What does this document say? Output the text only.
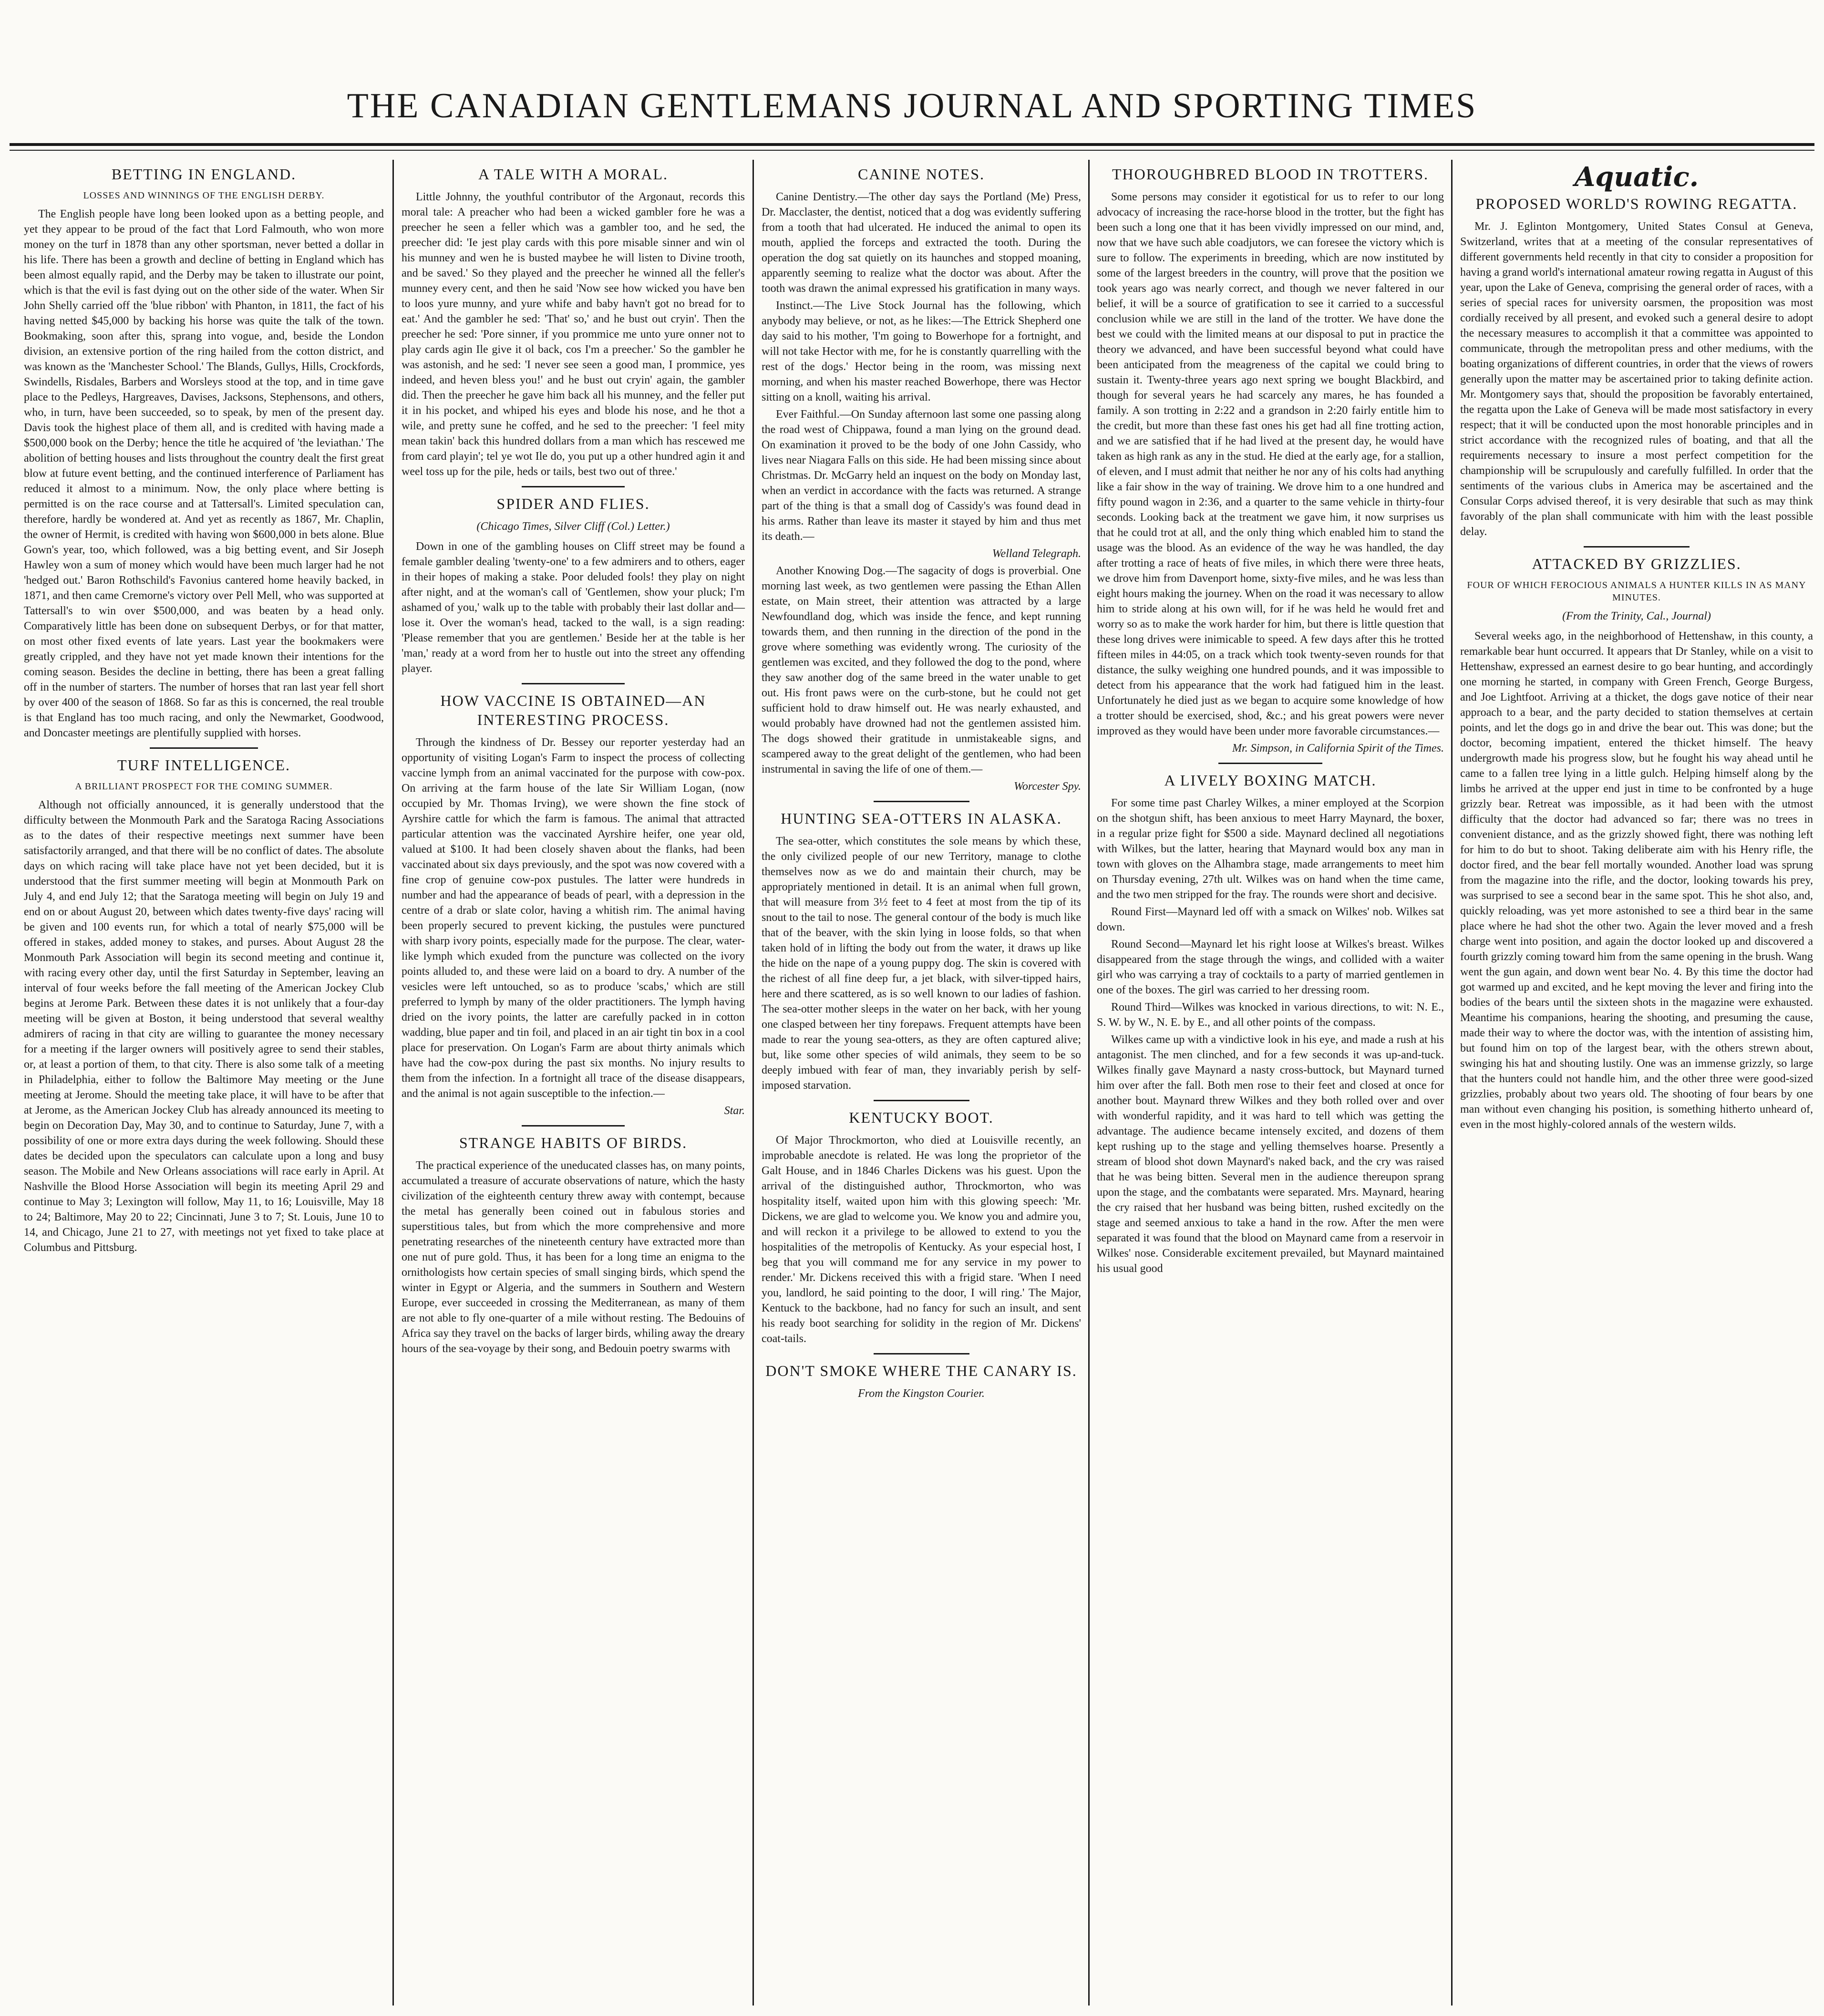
THE CANADIAN GENTLEMANS JOURNAL AND SPORTING TIMES
BETTING IN ENGLAND.
LOSSES AND WINNINGS OF THE ENGLISH DERBY.

The English people have long been looked upon as a betting people, and yet they appear to be proud of the fact that Lord Falmouth, who won more money on the turf in 1878 than any other sportsman, never betted a dollar in his life. There has been a growth and decline of betting in England which has been almost equally rapid, and the Derby may be taken to illustrate our point, which is that the evil is fast dying out on the other side of the water. When Sir John Shelly carried off the 'blue ribbon' with Phanton, in 1811, the fact of his having netted $45,000 by backing his horse was quite the talk of the town. Bookmaking, soon after this, sprang into vogue, and, beside the London division, an extensive portion of the ring hailed from the cotton district, and was known as the 'Manchester School.' The Blands, Gullys, Hills, Crockfords, Swindells, Risdales, Barbers and Worsleys stood at the top, and in time gave place to the Pedleys, Hargreaves, Davises, Jacksons, Stephensons, and others, who, in turn, have been succeeded, so to speak, by men of the present day. Davis took the highest place of them all, and is credited with having made a $500,000 book on the Derby; hence the title he acquired of 'the leviathan.' The abolition of betting houses and lists throughout the country dealt the first great blow at future event betting, and the continued interference of Parliament has reduced it almost to a minimum. Now, the only place where betting is permitted is on the race course and at Tattersall's. Limited speculation can, therefore, hardly be wondered at. And yet as recently as 1867, Mr. Chaplin, the owner of Hermit, is credited with having won $600,000 in bets alone. Blue Gown's year, too, which followed, was a big betting event, and Sir Joseph Hawley won a sum of money which would have been much larger had he not 'hedged out.' Baron Rothschild's Favonius cantered home heavily backed, in 1871, and then came Cremorne's victory over Pell Mell, who was supported at Tattersall's to win over $500,000, and was beaten by a head only. Comparatively little has been done on subsequent Derbys, or for that matter, on most other fixed events of late years. Last year the bookmakers were greatly crippled, and they have not yet made known their intentions for the coming season. Besides the decline in betting, there has been a great falling off in the number of starters. The number of horses that ran last year fell short by over 400 of the season of 1868. So far as this is concerned, the real trouble is that England has too much racing, and only the Newmarket, Goodwood, and Doncaster meetings are plentifully supplied with horses.

TURF INTELLIGENCE.
A BRILLIANT PROSPECT FOR THE COMING SUMMER.

Although not officially announced, it is generally understood that the difficulty between the Monmouth Park and the Saratoga Racing Associations as to the dates of their respective meetings next summer have been satisfactorily arranged, and that there will be no conflict of dates. The absolute days on which racing will take place have not yet been decided, but it is understood that the first summer meeting will begin at Monmouth Park on July 4, and end July 12; that the Saratoga meeting will begin on July 19 and end on or about August 20, between which dates twenty-five days' racing will be given and 100 events run, for which a total of nearly $75,000 will be offered in stakes, added money to stakes, and purses. About August 28 the Monmouth Park Association will begin its second meeting and continue it, with racing every other day, until the first Saturday in September, leaving an interval of four weeks before the fall meeting of the American Jockey Club begins at Jerome Park. Between these dates it is not unlikely that a four-day meeting will be given at Boston, it being understood that several wealthy admirers of racing in that city are willing to guarantee the money necessary for a meeting if the larger owners will positively agree to send their stables, or, at least a portion of them, to that city. There is also some talk of a meeting in Philadelphia, either to follow the Baltimore May meeting or the June meeting at Jerome. Should the meeting take place, it will have to be after that at Jerome, as the American Jockey Club has already announced its meeting to begin on Decoration Day, May 30, and to continue to Saturday, June 7, with a possibility of one or more extra days during the week following. Should these dates be decided upon the speculators can calculate upon a long and busy season. The Mobile and New Orleans associations will race early in April. At Nashville the Blood Horse Association will begin its meeting April 29 and continue to May 3; Lexington will follow, May 11, to 16; Louisville, May 18 to 24; Baltimore, May 20 to 22; Cincinnati, June 3 to 7; St. Louis, June 10 to 14, and Chicago, June 21 to 27, with meetings not yet fixed to take place at Columbus and Pittsburg.

A TALE WITH A MORAL.

Little Johnny, the youthful contributor of the Argonaut, records this moral tale: A preacher who had been a wicked gambler fore he was a preecher he seen a feller which was a gambler too, and he sed, the preecher did: 'Ie jest play cards with this pore misable sinner and win ol his munney and wen he is busted maybee he will listen to Divine trooth, and be saved.' So they played and the preecher he winned all the feller's munney every cent, and then he said 'Now see how wicked you have ben to loos yure munny, and yure whife and baby havn't got no bread for to eat.' And the gambler he sed: 'That' so,' and he bust out cryin'. Then the preecher he sed: 'Pore sinner, if you prommice me unto yure onner not to play cards agin Ile give it ol back, cos I'm a preecher.' So the gambler he was astonish, and he sed: 'I never see seen a good man, I prommice, yes indeed, and heven bless you!' and he bust out cryin' again, the gambler did. Then the preecher he gave him back all his munney, and the feller put it in his pocket, and whiped his eyes and blode his nose, and he thot a wile, and pretty sune he coffed, and he sed to the preecher: 'I feel mity mean takin' back this hundred dollars from a man which has rescewed me from card playin'; tel ye wot Ile do, you put up a other hundred agin it and weel toss up for the pile, heds or tails, best two out of three.'

SPIDER AND FLIES.

(Chicago Times, Silver Cliff (Col.) Letter.)

Down in one of the gambling houses on Cliff street may be found a female gambler dealing 'twenty-one' to a few admirers and to others, eager in their hopes of making a stake. Poor deluded fools! they play on night after night, and at the woman's call of 'Gentlemen, show your pluck; I'm ashamed of you,' walk up to the table with probably their last dollar and—lose it. Over the woman's head, tacked to the wall, is a sign reading: 'Please remember that you are gentlemen.' Beside her at the table is her 'man,' ready at a word from her to hustle out into the street any offending player.

HOW VACCINE IS OBTAINED—AN INTERESTING PROCESS.

Through the kindness of Dr. Bessey our reporter yesterday had an opportunity of visiting Logan's Farm to inspect the process of collecting vaccine lymph from an animal vaccinated for the purpose with cow-pox. On arriving at the farm house of the late Sir William Logan, (now occupied by Mr. Thomas Irving), we were shown the fine stock of Ayrshire cattle for which the farm is famous. The animal that attracted particular attention was the vaccinated Ayrshire heifer, one year old, valued at $100. It had been closely shaven about the flanks, had been vaccinated about six days previously, and the spot was now covered with a fine crop of genuine cow-pox pustules. The latter were hundreds in number and had the appearance of beads of pearl, with a depression in the centre of a drab or slate color, having a whitish rim. The animal having been properly secured to prevent kicking, the pustules were punctured with sharp ivory points, especially made for the purpose. The clear, water-like lymph which exuded from the puncture was collected on the ivory points alluded to, and these were laid on a board to dry. A number of the vesicles were left untouched, so as to produce 'scabs,' which are still preferred to lymph by many of the older practitioners. The lymph having dried on the ivory points, the latter are carefully packed in in cotton wadding, blue paper and tin foil, and placed in an air tight tin box in a cool place for preservation. On Logan's Farm are about thirty animals which have had the cow-pox during the past six months. No injury results to them from the infection. In a fortnight all trace of the disease disappears, and the animal is not again susceptible to the infection.—

Star.

STRANGE HABITS OF BIRDS.

The practical experience of the uneducated classes has, on many points, accumulated a treasure of accurate observations of nature, which the hasty civilization of the eighteenth century threw away with contempt, because the metal has generally been coined out in fabulous stories and superstitious tales, but from which the more comprehensive and more penetrating researches of the nineteenth century have extracted more than one nut of pure gold. Thus, it has been for a long time an enigma to the ornithologists how certain species of small singing birds, which spend the winter in Egypt or Algeria, and the summers in Southern and Western Europe, ever succeeded in crossing the Mediterranean, as many of them are not able to fly one-quarter of a mile without resting. The Bedouins of Africa say they travel on the backs of larger birds, whiling away the dreary hours of the sea-voyage by their song, and Bedouin poetry swarms with

CANINE NOTES.

Canine Dentistry.—The other day says the Portland (Me) Press, Dr. Macclaster, the dentist, noticed that a dog was evidently suffering from a tooth that had ulcerated. He induced the animal to open its mouth, applied the forceps and extracted the tooth. During the operation the dog sat quietly on its haunches and stopped moaning, apparently seeming to realize what the doctor was about. After the tooth was drawn the animal expressed his gratification in many ways.

Instinct.—The Live Stock Journal has the following, which anybody may believe, or not, as he likes:—The Ettrick Shepherd one day said to his mother, 'I'm going to Bowerhope for a fortnight, and will not take Hector with me, for he is constantly quarrelling with the rest of the dogs.' Hector being in the room, was missing next morning, and when his master reached Bowerhope, there was Hector sitting on a knoll, waiting his arrival.

Ever Faithful.—On Sunday afternoon last some one passing along the road west of Chippawa, found a man lying on the ground dead. On examination it proved to be the body of one John Cassidy, who lives near Niagara Falls on this side. He had been missing since about Christmas. Dr. McGarry held an inquest on the body on Monday last, when an verdict in accordance with the facts was returned. A strange part of the thing is that a small dog of Cassidy's was found dead in his arms. Rather than leave its master it stayed by him and thus met its death.—

Welland Telegraph.

Another Knowing Dog.—The sagacity of dogs is proverbial. One morning last week, as two gentlemen were passing the Ethan Allen estate, on Main street, their attention was attracted by a large Newfoundland dog, which was inside the fence, and kept running towards them, and then running in the direction of the pond in the grove where something was evidently wrong. The curiosity of the gentlemen was excited, and they followed the dog to the pond, where they saw another dog of the same breed in the water unable to get out. His front paws were on the curb-stone, but he could not get sufficient hold to draw himself out. He was nearly exhausted, and would probably have drowned had not the gentlemen assisted him. The dogs showed their gratitude in unmistakeable signs, and scampered away to the great delight of the gentlemen, who had been instrumental in saving the life of one of them.—

Worcester Spy.

HUNTING SEA-OTTERS IN ALASKA.

The sea-otter, which constitutes the sole means by which these, the only civilized people of our new Territory, manage to clothe themselves now as we do and maintain their church, may be appropriately mentioned in detail. It is an animal when full grown, that will measure from 3½ feet to 4 feet at most from the tip of its snout to the tail to nose. The general contour of the body is much like that of the beaver, with the skin lying in loose folds, so that when taken hold of in lifting the body out from the water, it draws up like the hide on the nape of a young puppy dog. The skin is covered with the richest of all fine deep fur, a jet black, with silver-tipped hairs, here and there scattered, as is so well known to our ladies of fashion. The sea-otter mother sleeps in the water on her back, with her young one clasped between her tiny forepaws. Frequent attempts have been made to rear the young sea-otters, as they are often captured alive; but, like some other species of wild animals, they seem to be so deeply imbued with fear of man, they invariably perish by self-imposed starvation.

KENTUCKY BOOT.

Of Major Throckmorton, who died at Louisville recently, an improbable anecdote is related. He was long the proprietor of the Galt House, and in 1846 Charles Dickens was his guest. Upon the arrival of the distinguished author, Throckmorton, who was hospitality itself, waited upon him with this glowing speech: 'Mr. Dickens, we are glad to welcome you. We know you and admire you, and will reckon it a privilege to be allowed to extend to you the hospitalities of the metropolis of Kentucky. As your especial host, I beg that you will command me for any service in my power to render.' Mr. Dickens received this with a frigid stare. 'When I need you, landlord, he said pointing to the door, I will ring.' The Major, Kentuck to the backbone, had no fancy for such an insult, and sent his ready boot searching for solidity in the region of Mr. Dickens' coat-tails.

DON'T SMOKE WHERE THE CANARY IS.

From the Kingston Courier.

THOROUGHBRED BLOOD IN TROTTERS.

Some persons may consider it egotistical for us to refer to our long advocacy of increasing the race-horse blood in the trotter, but the fight has been such a long one that it has been vividly impressed on our mind, and, now that we have such able coadjutors, we can foresee the victory which is sure to follow. The experiments in breeding, which are now instituted by some of the largest breeders in the country, will prove that the position we took years ago was nearly correct, and though we never faltered in our belief, it will be a source of gratification to see it carried to a successful conclusion while we are still in the land of the trotter. We have done the best we could with the limited means at our disposal to put in practice the theory we advanced, and have been successful beyond what could have been anticipated from the meagreness of the capital we could bring to sustain it. Twenty-three years ago next spring we bought Blackbird, and though for several years he had scarcely any mares, he has founded a family. A son trotting in 2:22 and a grandson in 2:20 fairly entitle him to the credit, but more than these fast ones his get had all fine trotting action, and we are satisfied that if he had lived at the present day, he would have taken as high rank as any in the stud. He died at the early age, for a stallion, of eleven, and I must admit that neither he nor any of his colts had anything like a fair show in the way of training. We drove him to a one hundred and fifty pound wagon in 2:36, and a quarter to the same vehicle in thirty-four seconds. Looking back at the treatment we gave him, it now surprises us that he could trot at all, and the only thing which enabled him to stand the usage was the blood. As an evidence of the way he was handled, the day after trotting a race of heats of five miles, in which there were three heats, we drove him from Davenport home, sixty-five miles, and he was less than eight hours making the journey. When on the road it was necessary to allow him to stride along at his own will, for if he was held he would fret and worry so as to make the work harder for him, but there is little question that these long drives were inimicable to speed. A few days after this he trotted fifteen miles in 44:05, on a track which took twenty-seven rounds for that distance, the sulky weighing one hundred pounds, and it was impossible to detect from his appearance that the work had fatigued him in the least. Unfortunately he died just as we began to acquire some knowledge of how a trotter should be exercised, shod, &c.; and his great powers were never improved as they would have been under more favorable circumstances.—

Mr. Simpson, in California Spirit of the Times.

A LIVELY BOXING MATCH.

For some time past Charley Wilkes, a miner employed at the Scorpion on the shotgun shift, has been anxious to meet Harry Maynard, the boxer, in a regular prize fight for $500 a side. Maynard declined all negotiations with Wilkes, but the latter, hearing that Maynard would box any man in town with gloves on the Alhambra stage, made arrangements to meet him on Thursday evening, 27th ult. Wilkes was on hand when the time came, and the two men stripped for the fray. The rounds were short and decisive.

Round First—Maynard led off with a smack on Wilkes' nob. Wilkes sat down.

Round Second—Maynard let his right loose at Wilkes's breast. Wilkes disappeared from the stage through the wings, and collided with a waiter girl who was carrying a tray of cocktails to a party of married gentlemen in one of the boxes. The girl was carried to her dressing room.

Round Third—Wilkes was knocked in various directions, to wit: N. E., S. W. by W., N. E. by E., and all other points of the compass.

Wilkes came up with a vindictive look in his eye, and made a rush at his antagonist. The men clinched, and for a few seconds it was up-and-tuck. Wilkes finally gave Maynard a nasty cross-buttock, but Maynard turned him over after the fall. Both men rose to their feet and closed at once for another bout. Maynard threw Wilkes and they both rolled over and over with wonderful rapidity, and it was hard to tell which was getting the advantage. The audience became intensely excited, and dozens of them kept rushing up to the stage and yelling themselves hoarse. Presently a stream of blood shot down Maynard's naked back, and the cry was raised that he was being bitten. Several men in the audience thereupon sprang upon the stage, and the combatants were separated. Mrs. Maynard, hearing the cry raised that her husband was being bitten, rushed excitedly on the stage and seemed anxious to take a hand in the row. After the men were separated it was found that the blood on Maynard came from a reservoir in Wilkes' nose. Considerable excitement prevailed, but Maynard maintained his usual good

Aquatic.
PROPOSED WORLD'S ROWING REGATTA.

Mr. J. Eglinton Montgomery, United States Consul at Geneva, Switzerland, writes that at a meeting of the consular representatives of different governments held recently in that city to consider a proposition for having a grand world's international amateur rowing regatta in August of this year, upon the Lake of Geneva, comprising the general order of races, with a series of special races for university oarsmen, the proposition was most cordially received by all present, and evoked such a general desire to adopt the necessary measures to accomplish it that a committee was appointed to communicate, through the metropolitan press and other mediums, with the boating organizations of different countries, in order that the views of rowers generally upon the matter may be ascertained prior to taking definite action. Mr. Montgomery says that, should the proposition be favorably entertained, the regatta upon the Lake of Geneva will be made most satisfactory in every respect; that it will be conducted upon the most honorable principles and in strict accordance with the recognized rules of boating, and that all the requirements necessary to insure a most perfect competition for the championship will be scrupulously and carefully fulfilled. In order that the sentiments of the various clubs in America may be ascertained and the Consular Corps advised thereof, it is very desirable that such as may think favorably of the plan shall communicate with him with the least possible delay.

ATTACKED BY GRIZZLIES.
FOUR OF WHICH FEROCIOUS ANIMALS A HUNTER KILLS IN AS MANY MINUTES.

(From the Trinity, Cal., Journal)

Several weeks ago, in the neighborhood of Hettenshaw, in this county, a remarkable bear hunt occurred. It appears that Dr Stanley, while on a visit to Hettenshaw, expressed an earnest desire to go bear hunting, and accordingly one morning he started, in company with Green French, George Burgess, and Joe Lightfoot. Arriving at a thicket, the dogs gave notice of their near approach to a bear, and the party decided to station themselves at certain points, and let the dogs go in and drive the bear out. This was done; but the doctor, becoming impatient, entered the thicket himself. The heavy undergrowth made his progress slow, but he fought his way ahead until he came to a fallen tree lying in a little gulch. Helping himself along by the limbs he arrived at the upper end just in time to be confronted by a huge grizzly bear. Retreat was impossible, as it had been with the utmost difficulty that the doctor had advanced so far; there was no trees in convenient distance, and as the grizzly showed fight, there was nothing left for him to do but to shoot. Taking deliberate aim with his Henry rifle, the doctor fired, and the bear fell mortally wounded. Another load was sprung from the magazine into the rifle, and the doctor, looking towards his prey, was surprised to see a second bear in the same spot. This he shot also, and, quickly reloading, was yet more astonished to see a third bear in the same place where he had shot the other two. Again the lever moved and a fresh charge went into position, and again the doctor looked up and discovered a fourth grizzly coming toward him from the same opening in the brush. Wang went the gun again, and down went bear No. 4. By this time the doctor had got warmed up and excited, and he kept moving the lever and firing into the bodies of the bears until the sixteen shots in the magazine were exhausted. Meantime his companions, hearing the shooting, and presuming the cause, made their way to where the doctor was, with the intention of assisting him, but found him on top of the largest bear, with the others strewn about, swinging his hat and shouting lustily. One was an immense grizzly, so large that the hunters could not handle him, and the other three were good-sized grizzlies, probably about two years old. The shooting of four bears by one man without even changing his position, is something hitherto unheard of, even in the most highly-colored annals of the western wilds.
